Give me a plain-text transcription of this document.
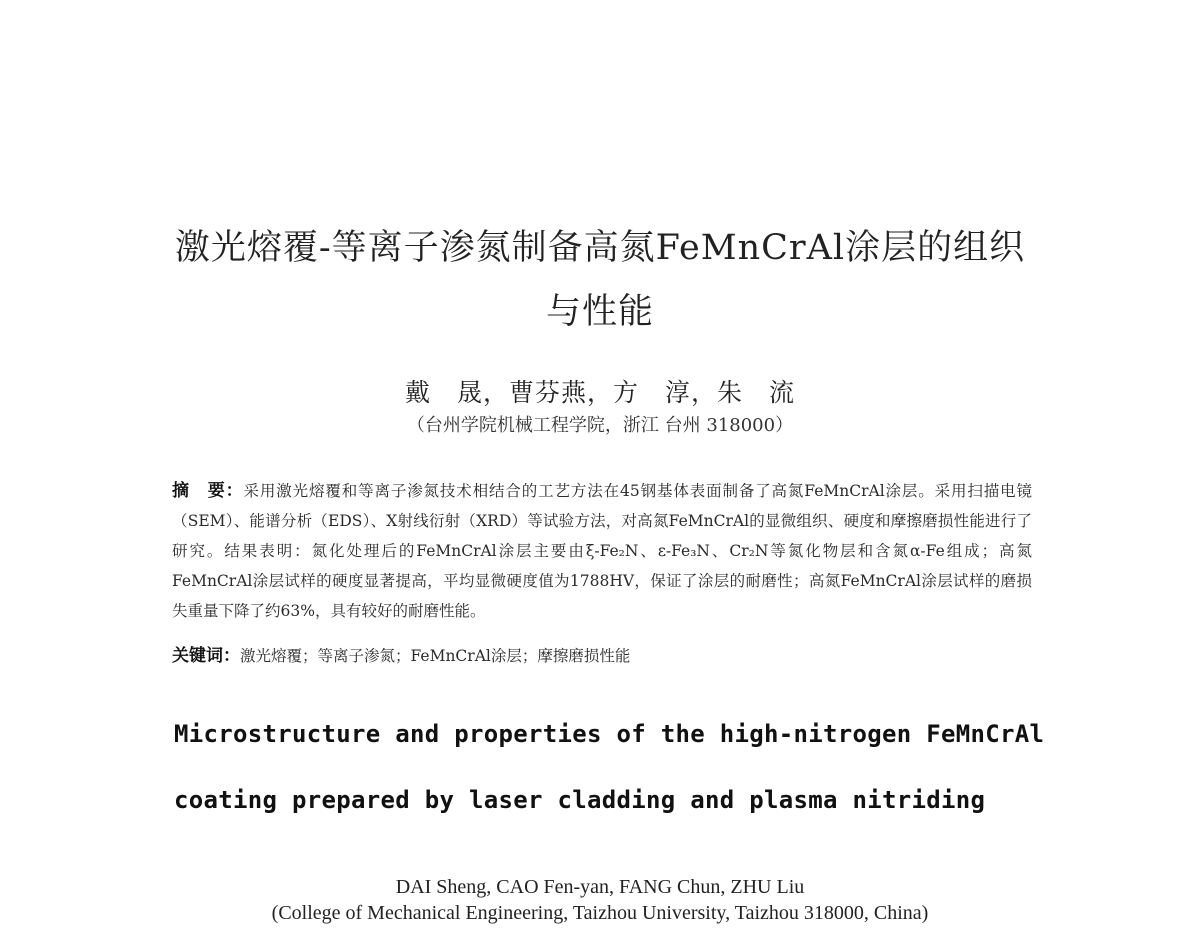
激光熔覆-等离子渗氮制备高氮FeMnCrAl涂层的组织
与性能
戴　晟，曹芬燕，方　淳，朱　流
（台州学院机械工程学院，浙江 台州 318000）
摘　要：采用激光熔覆和等离子渗氮技术相结合的工艺方法在45钢基体表面制备了高氮FeMnCrAl涂层。采用扫描电镜（SEM）、能谱分析（EDS）、X射线衍射（XRD）等试验方法，对高氮FeMnCrAl的显微组织、硬度和摩擦磨损性能进行了研究。结果表明：氮化处理后的FeMnCrAl涂层主要由ξ-Fe₂N、ε-Fe₃N、Cr₂N等氮化物层和含氮α-Fe组成；高氮FeMnCrAl涂层试样的硬度显著提高，平均显微硬度值为1788HV，保证了涂层的耐磨性；高氮FeMnCrAl涂层试样的磨损失重量下降了约63%，具有较好的耐磨性能。
关键词：激光熔覆；等离子渗氮；FeMnCrAl涂层；摩擦磨损性能
Microstructure and properties of the high-nitrogen FeMnCrAl
coating prepared by laser cladding and plasma nitriding
DAI Sheng, CAO Fen-yan, FANG Chun, ZHU Liu
(College of Mechanical Engineering, Taizhou University, Taizhou 318000, China)
